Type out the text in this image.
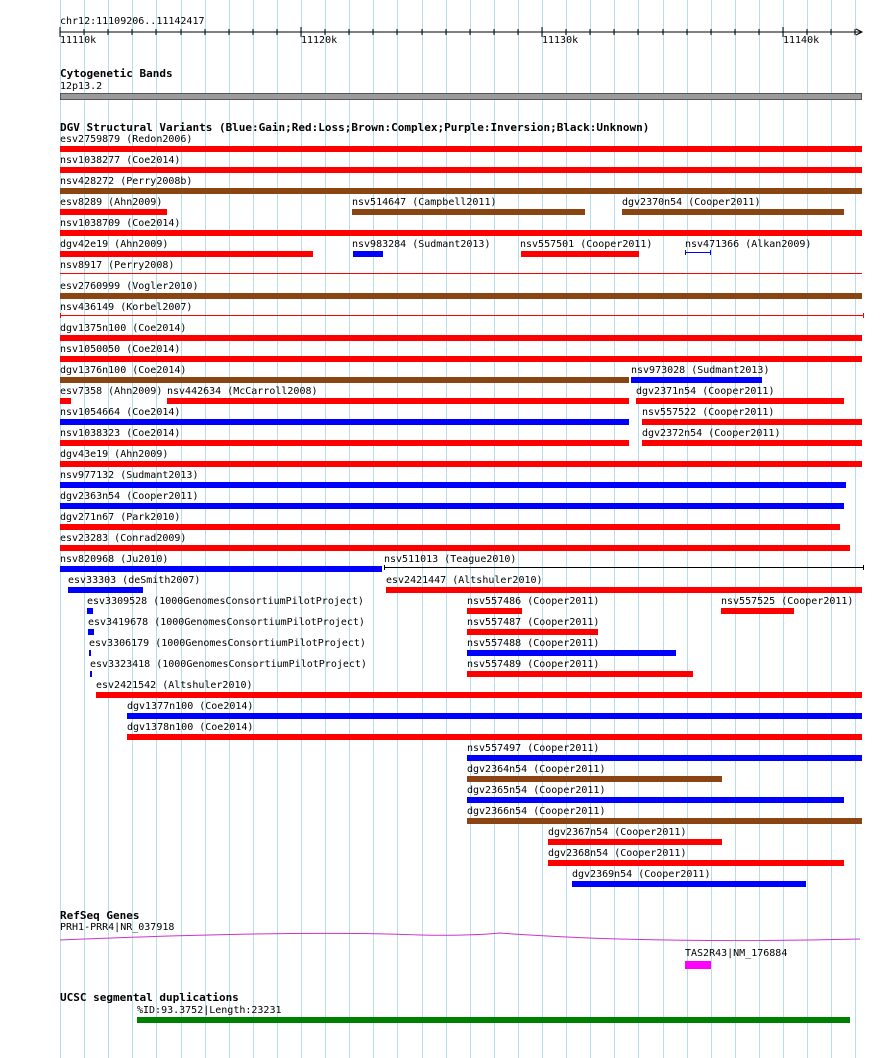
chr12:11109206..11142417
11110k	11120k	11130k	11140k
Cytogenetic Bands
12p13.2
DGV Structural Variants (Blue:Gain;Red:Loss;Brown:Complex;Purple:Inversion;Black:Unknown)
esv2759879 (Redon2006)
nsv1038277 (Coe2014)
nsv428272 (Perry2008b)
esv8289 (Ahn2009)	nsv514647 (Campbell2011)	dgv2370n54 (Cooper2011)
nsv1038709 (Coe2014)
dgv42e19 (Ahn2009)	nsv983284 (Sudmant2013)	nsv557501 (Cooper2011)	nsv471366 (Alkan2009)
nsv8917 (Perry2008)
esv2760999 (Vogler2010)
nsv436149 (Korbel2007)
dgv1375n100 (Coe2014)
nsv1050050 (Coe2014)
dgv1376n100 (Coe2014)	nsv973028 (Sudmant2013)
esv7358 (Ahn2009) nsv442634 (McCarroll2008)	dgv2371n54 (Cooper2011)
nsv1054664 (Coe2014)	nsv557522 (Cooper2011)
nsv1038323 (Coe2014)	dgv2372n54 (Cooper2011)
dgv43e19 (Ahn2009)
nsv977132 (Sudmant2013)
dgv2363n54 (Cooper2011)
dgv271n67 (Park2010)
esv23283 (Conrad2009)
nsv820968 (Ju2010)	nsv511013 (Teague2010)
esv33303 (deSmith2007)	esv2421447 (Altshuler2010)
esv3309528 (1000GenomesConsortiumPilotProject)	nsv557486 (Cooper2011)	nsv557525 (Cooper2011)
esv3419678 (1000GenomesConsortiumPilotProject)	nsv557487 (Cooper2011)
esv3306179 (1000GenomesConsortiumPilotProject)	nsv557488 (Cooper2011)
esv3323418 (1000GenomesConsortiumPilotProject)	nsv557489 (Cooper2011)
esv2421542 (Altshuler2010)
dgv1377n100 (Coe2014)
dgv1378n100 (Coe2014)
nsv557497 (Cooper2011)
dgv2364n54 (Cooper2011)
dgv2365n54 (Cooper2011)
dgv2366n54 (Cooper2011)
dgv2367n54 (Cooper2011)
dgv2368n54 (Cooper2011)
dgv2369n54 (Cooper2011)
RefSeq Genes
PRH1-PRR4|NR_037918
TAS2R43|NM_176884
UCSC segmental duplications
%ID:93.3752|Length:23231
